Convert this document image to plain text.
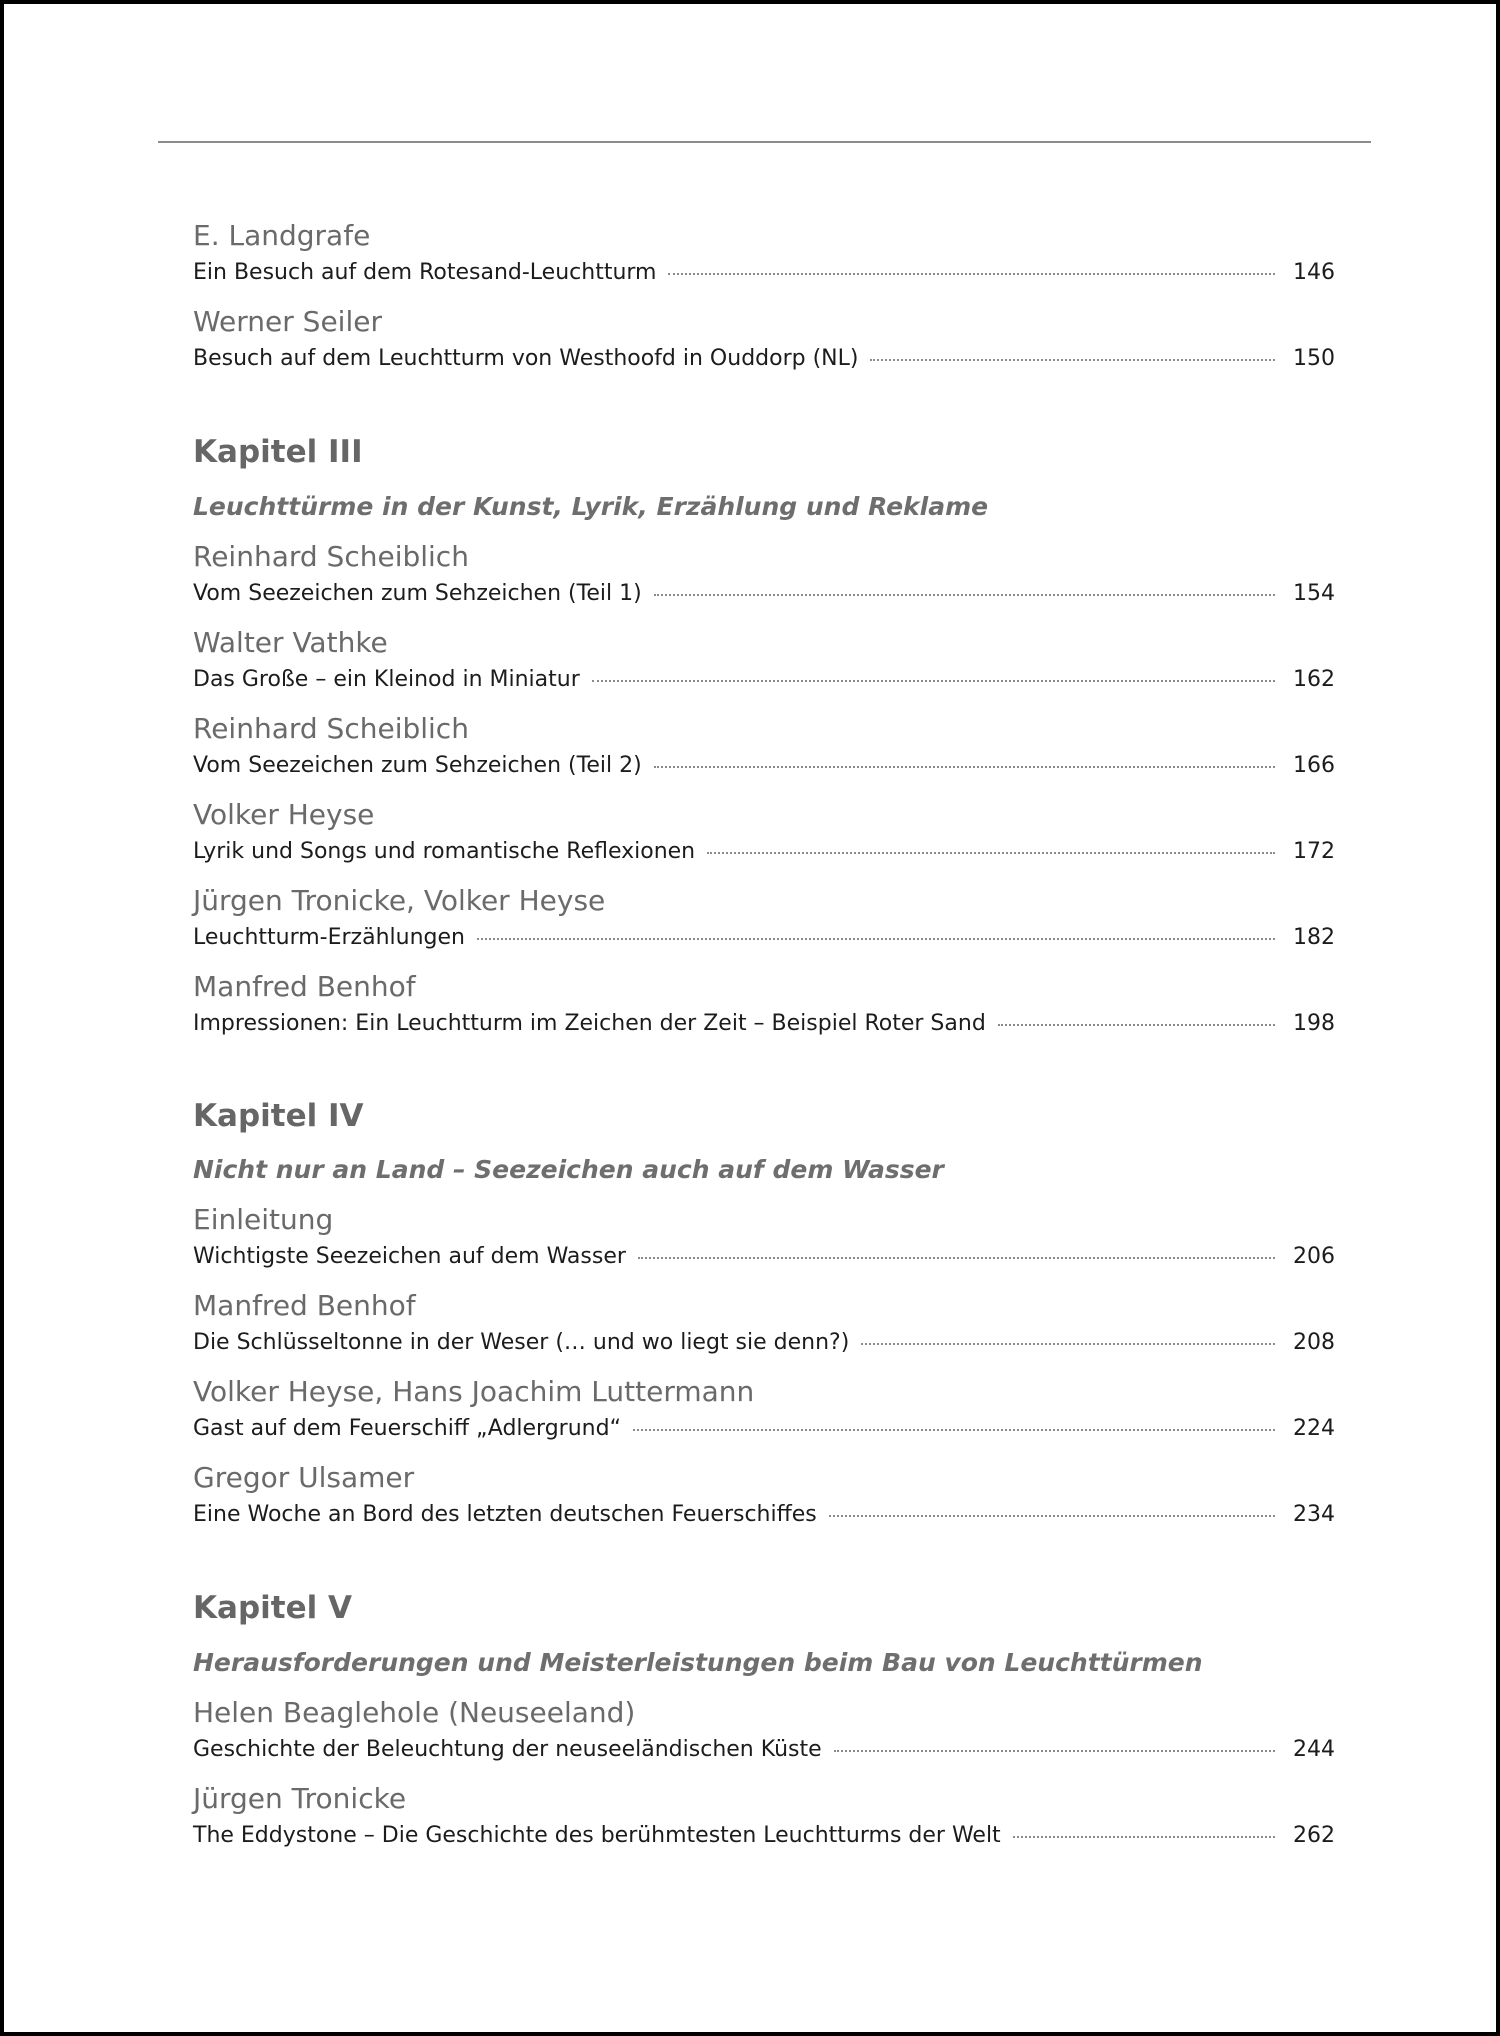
E. Landgrafe
Ein Besuch auf dem Rotesand-Leuchtturm	146
Werner Seiler
Besuch auf dem Leuchtturm von Westhoofd in Ouddorp (NL)	150
Kapitel III
Leuchttürme in der Kunst, Lyrik, Erzählung und Reklame
Reinhard Scheiblich
Vom Seezeichen zum Sehzeichen (Teil 1)	154
Walter Vathke
Das Große – ein Kleinod in Miniatur	162
Reinhard Scheiblich
Vom Seezeichen zum Sehzeichen (Teil 2)	166
Volker Heyse
Lyrik und Songs und romantische Reflexionen	172
Jürgen Tronicke, Volker Heyse
Leuchtturm-Erzählungen	182
Manfred Benhof
Impressionen: Ein Leuchtturm im Zeichen der Zeit – Beispiel Roter Sand	198
Kapitel IV
Nicht nur an Land – Seezeichen auch auf dem Wasser
Einleitung
Wichtigste Seezeichen auf dem Wasser	206
Manfred Benhof
Die Schlüsseltonne in der Weser (… und wo liegt sie denn?)	208
Volker Heyse, Hans Joachim Luttermann
Gast auf dem Feuerschiff „Adlergrund“	224
Gregor Ulsamer
Eine Woche an Bord des letzten deutschen Feuerschiffes	234
Kapitel V
Herausforderungen und Meisterleistungen beim Bau von Leuchttürmen
Helen Beaglehole (Neuseeland)
Geschichte der Beleuchtung der neuseeländischen Küste	244
Jürgen Tronicke
The Eddystone – Die Geschichte des berühmtesten Leuchtturms der Welt	262
